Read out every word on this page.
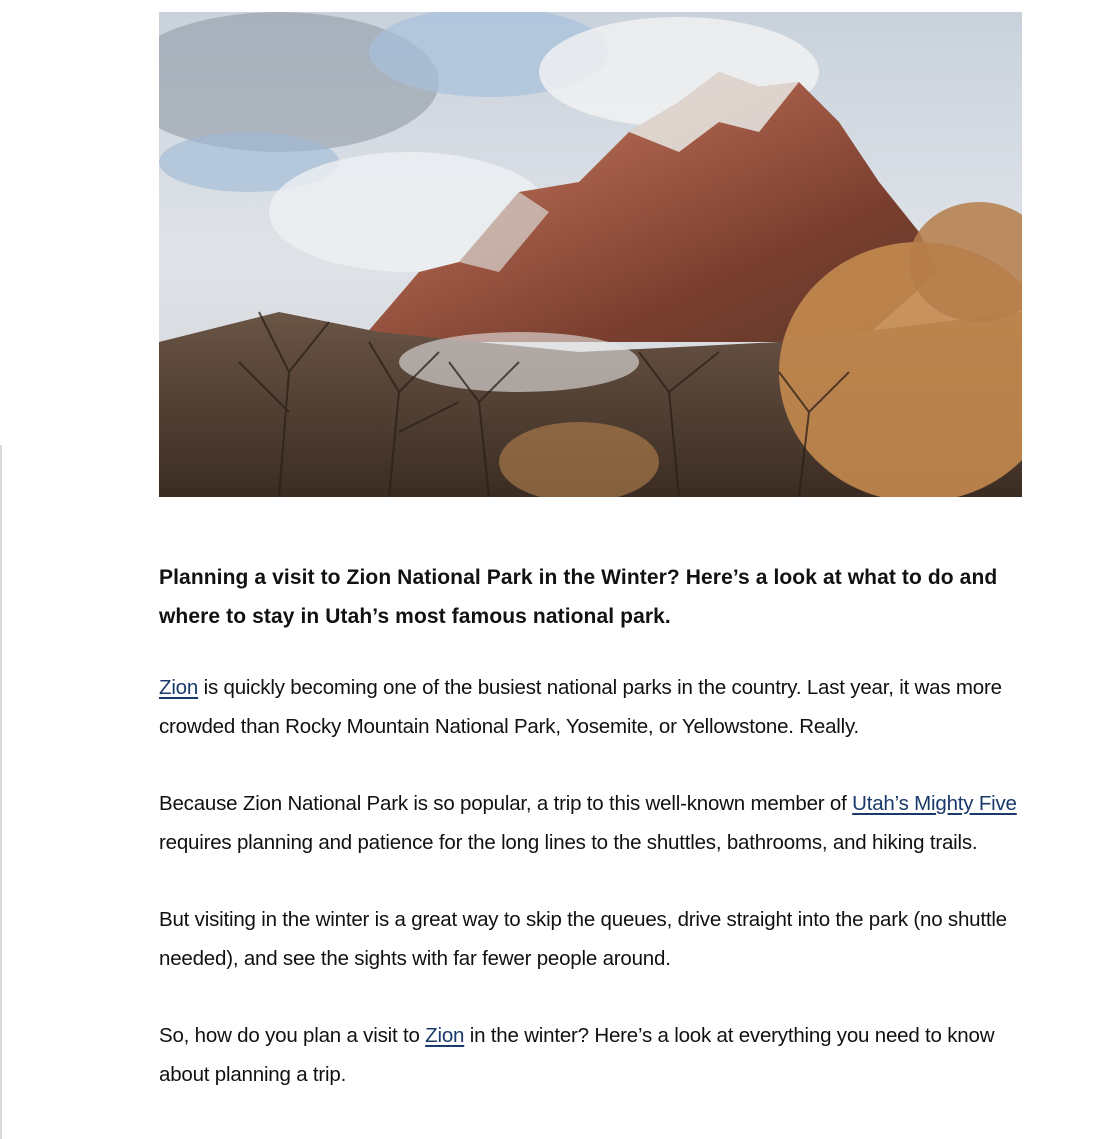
Planning a visit to Zion National Park in the Winter? Here’s a look at what to do and where to stay in Utah’s most famous national park.

Zion is quickly becoming one of the busiest national parks in the country. Last year, it was more crowded than Rocky Mountain National Park, Yosemite, or Yellowstone. Really.

Because Zion National Park is so popular, a trip to this well-known member of Utah’s Mighty Five requires planning and patience for the long lines to the shuttles, bathrooms, and hiking trails.

But visiting in the winter is a great way to skip the queues, drive straight into the park (no shuttle needed), and see the sights with far fewer people around.

So, how do you plan a visit to Zion in the winter? Here’s a look at everything you need to know about planning a trip.
